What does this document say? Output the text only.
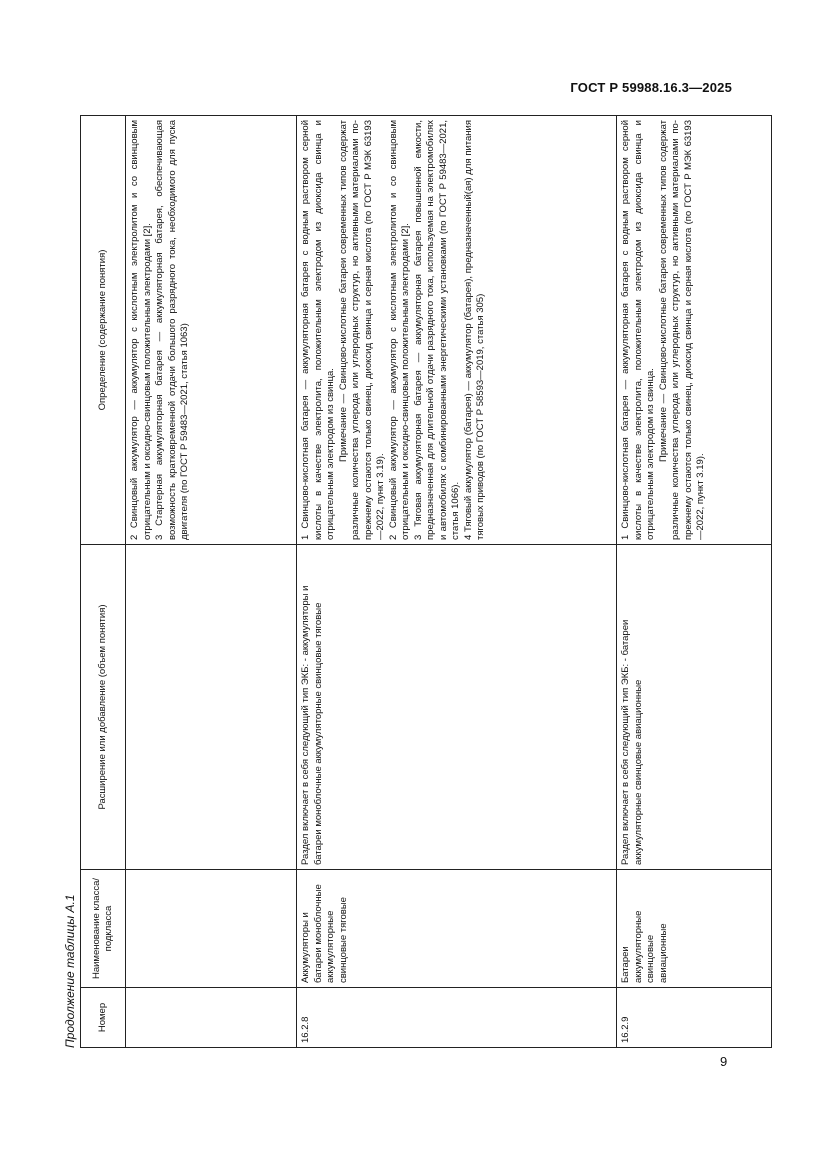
ГОСТ Р 59988.16.3—2025
Продолжение таблицы А.1	Номер	Наименование класса/ подкласса	Расширение или добавление (объем понятия)	Определение (содержание понятия)

			2 Свинцовый аккумулятор — аккумулятор с кислотным электролитом и со свинцовым отрицательным и оксидно-свинцовым положительным электродами [2]. 3 Стартерная аккумуляторная батарея — аккумуляторная батарея, обеспечивающая возможность кратковременной отдачи большого разрядного тока, необходимого для пуска двигателя (по ГОСТ Р 59483—2021, статья 1063)

16.2.8	Аккумуляторы и батареи моноблочные аккумуляторные свинцовые тяговые	Раздел включает в себя следующий тип ЭКБ: - аккумуляторы и батареи моноблочные аккумуляторные свинцовые тяговые	1 Свинцово-кислотная батарея — аккумуляторная батарея с водным раствором серной кислоты в качестве электролита, положительным электродом из диоксида свинца и отрицательным электродом из свинца. Примечание — Свинцово-кислотные батареи современных типов содержат различные количества углерода или углеродных структур, но активными материалами по-прежнему остаются только свинец, диоксид свинца и серная кислота (по ГОСТ Р МЭК 63193—2022, пункт 3.19). 2 Свинцовый аккумулятор — аккумулятор с кислотным электролитом и со свинцовым отрицательным и оксидно-свинцовым положительным электродами [2]. 3 Тяговая аккумуляторная батарея — аккумуляторная батарея повышенной емкости, предназначенная для длительной отдачи разрядного тока, используемая на электромобилях и автомобилях с комбинированными энергетическими установками (по ГОСТ Р 59483—2021, статья 1066). 4 Тяговый аккумулятор (батарея) — аккумулятор (батарея), предназначенный(ая) для питания тяговых приводов (по ГОСТ Р 58593—2019, статья 305)

16.2.9	Батареи аккумуляторные свинцовые авиационные	Раздел включает в себя следующий тип ЭКБ: - батареи аккумуляторные свинцовые авиационные	1 Свинцово-кислотная батарея — аккумуляторная батарея с водным раствором серной кислоты в качестве электролита, положительным электродом из диоксида свинца и отрицательным электродом из свинца. Примечание — Свинцово-кислотные батареи современных типов содержат различные количества углерода или углеродных структур, но активными материалами по-прежнему остаются только свинец, диоксид свинца и серная кислота (по ГОСТ Р МЭК 63193—2022, пункт 3.19).

9
